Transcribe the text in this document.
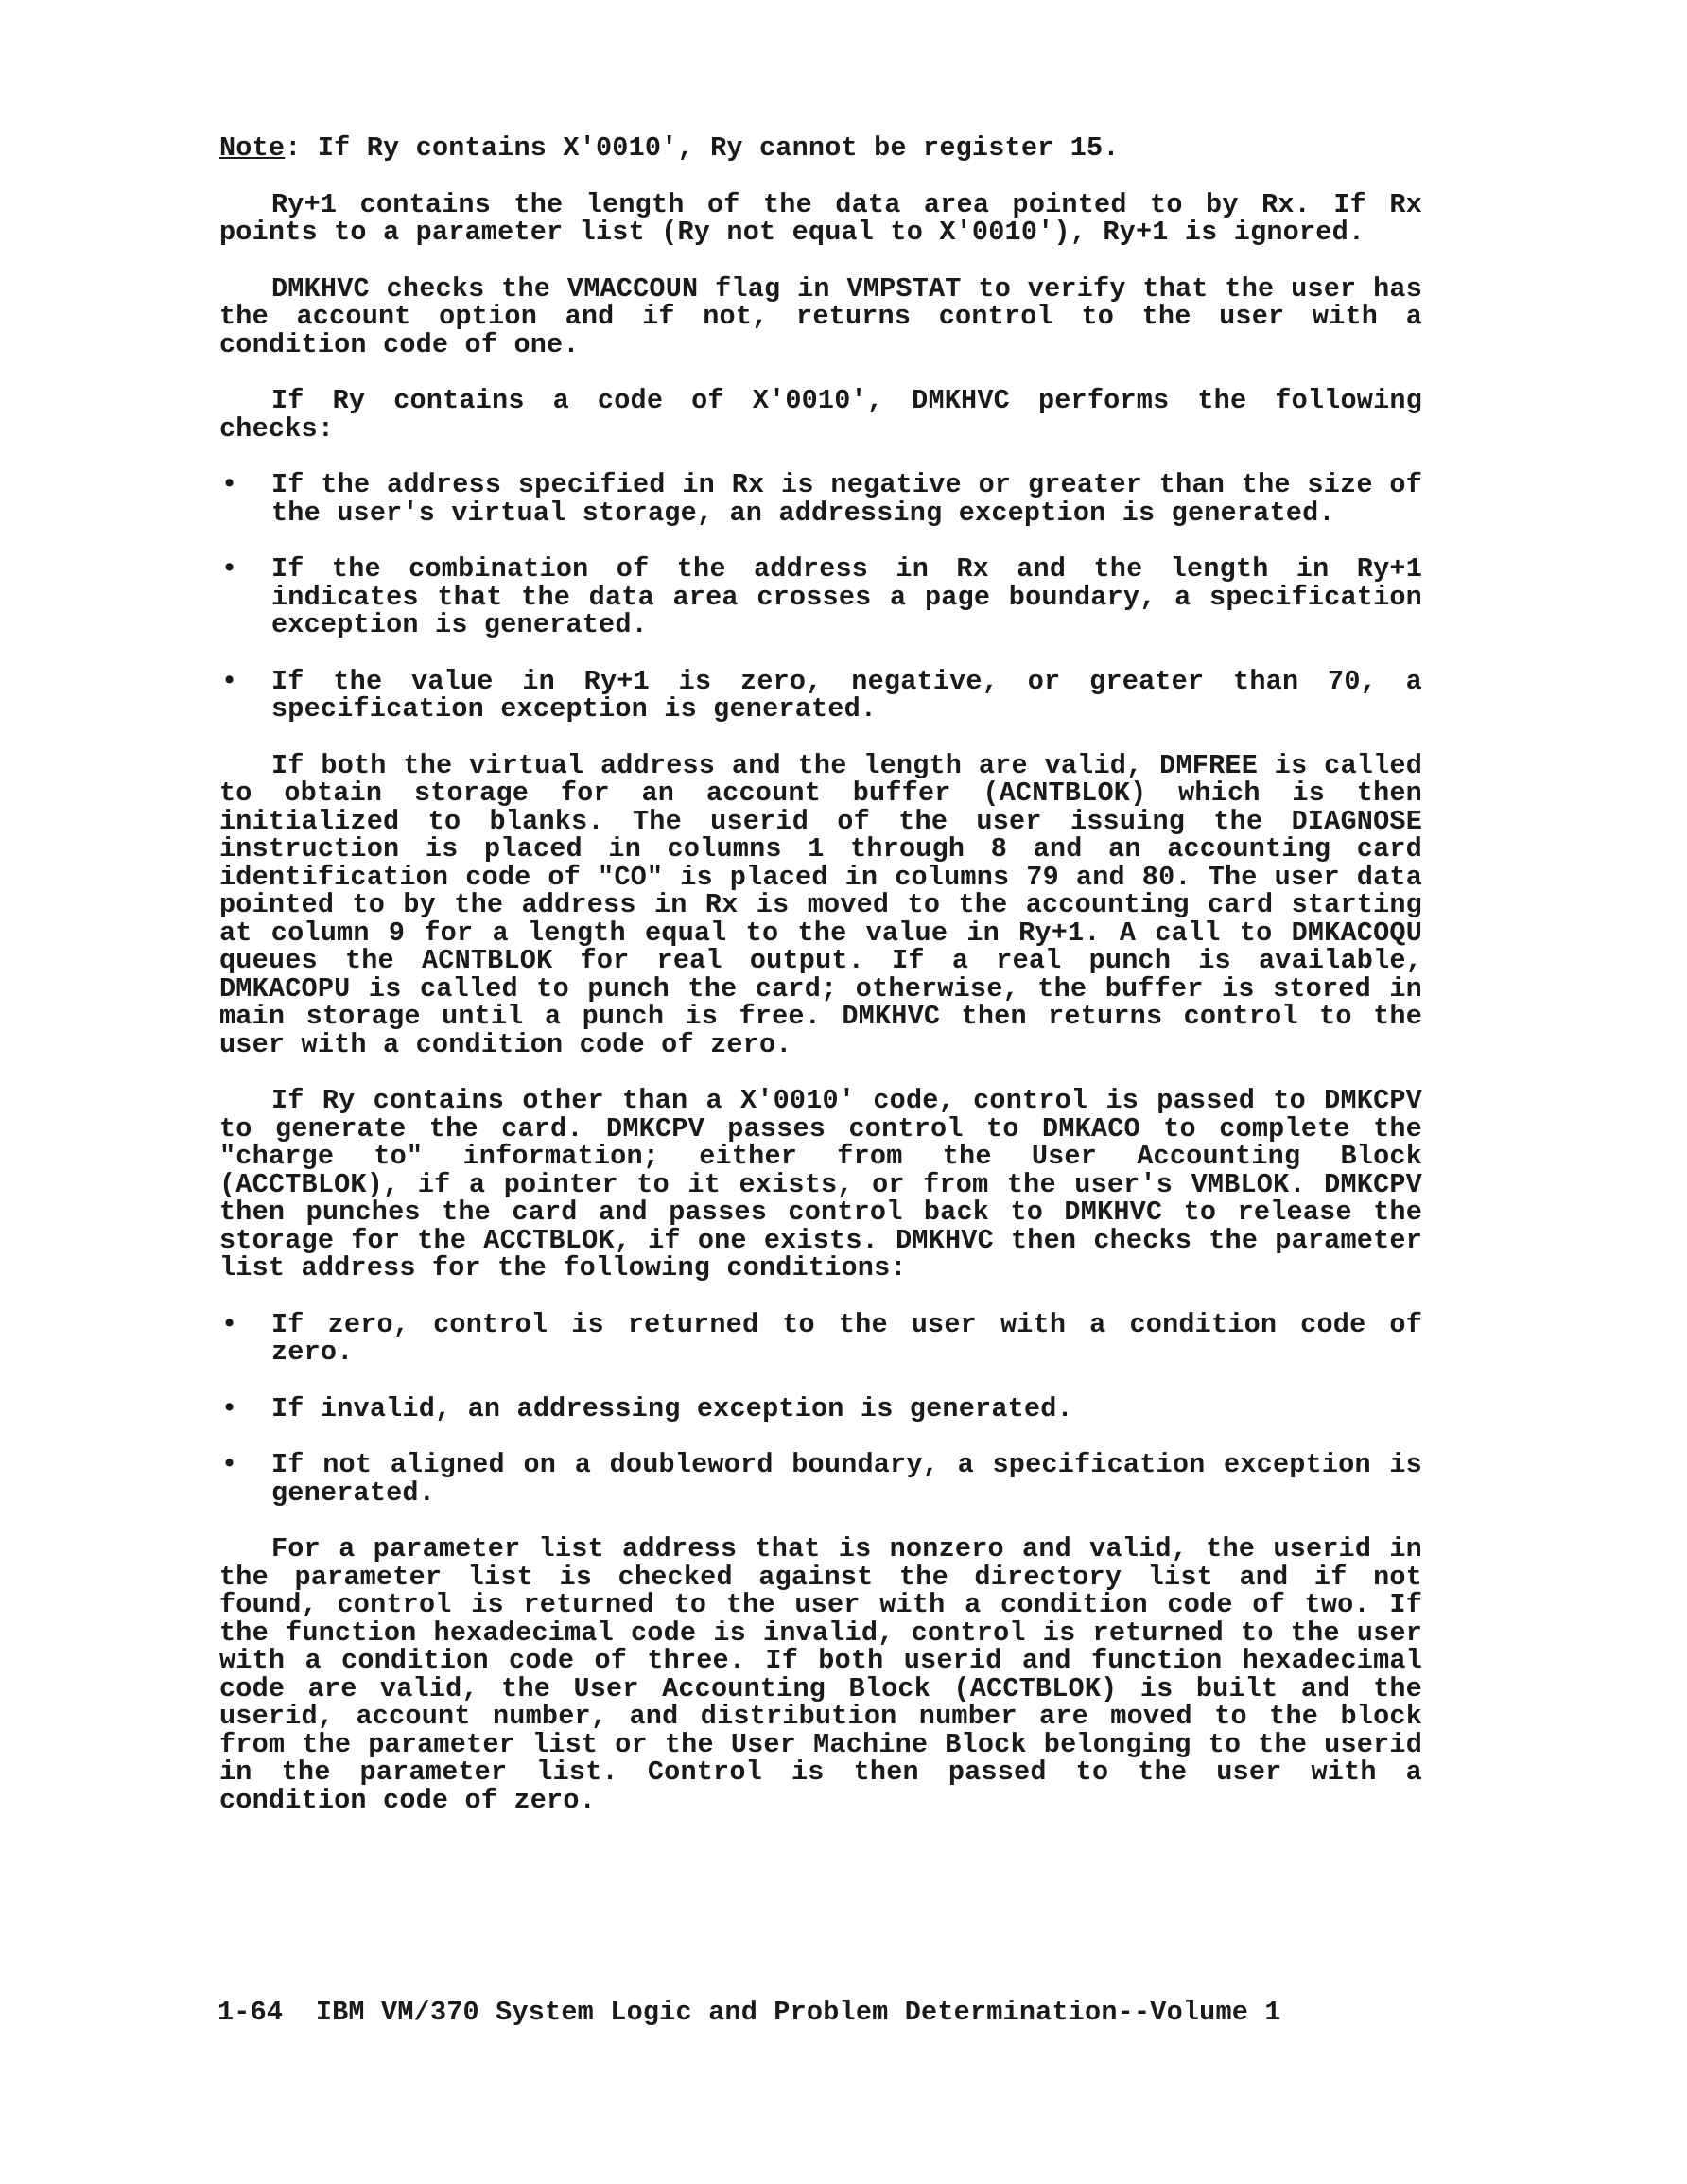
Note: If Ry contains X'0010', Ry cannot be register 15.

Ry+1 contains the length of the data area pointed to by Rx. If Rx points to a parameter list (Ry not equal to X'0010'), Ry+1 is ignored.

DMKHVC checks the VMACCOUN flag in VMPSTAT to verify that the user has the account option and if not, returns control to the user with a condition code of one.

If Ry contains a code of X'0010', DMKHVC performs the following checks:

•	If the address specified in Rx is negative or greater than the size of the user's virtual storage, an addressing exception is generated.
•	If the combination of the address in Rx and the length in Ry+1 indicates that the data area crosses a page boundary, a specification exception is generated.
•	If the value in Ry+1 is zero, negative, or greater than 70, a specification exception is generated.

If both the virtual address and the length are valid, DMFREE is called to obtain storage for an account buffer (ACNTBLOK) which is then initialized to blanks. The userid of the user issuing the DIAGNOSE instruction is placed in columns 1 through 8 and an accounting card identification code of "CO" is placed in columns 79 and 80. The user data pointed to by the address in Rx is moved to the accounting card starting at column 9 for a length equal to the value in Ry+1. A call to DMKACOQU queues the ACNTBLOK for real output. If a real punch is available, DMKACOPU is called to punch the card; otherwise, the buffer is stored in main storage until a punch is free. DMKHVC then returns control to the user with a condition code of zero.

If Ry contains other than a X'0010' code, control is passed to DMKCPV to generate the card. DMKCPV passes control to DMKACO to complete the "charge to" information; either from the User Accounting Block (ACCTBLOK), if a pointer to it exists, or from the user's VMBLOK. DMKCPV then punches the card and passes control back to DMKHVC to release the storage for the ACCTBLOK, if one exists. DMKHVC then checks the parameter list address for the following conditions:

•	If zero, control is returned to the user with a condition code of zero.
•	If invalid, an addressing exception is generated.
•	If not aligned on a doubleword boundary, a specification exception is generated.

For a parameter list address that is nonzero and valid, the userid in the parameter list is checked against the directory list and if not found, control is returned to the user with a condition code of two. If the function hexadecimal code is invalid, control is returned to the user with a condition code of three. If both userid and function hexadecimal code are valid, the User Accounting Block (ACCTBLOK) is built and the userid, account number, and distribution number are moved to the block from the parameter list or the User Machine Block belonging to the userid in the parameter list. Control is then passed to the user with a condition code of zero.

1-64 IBM VM/370 System Logic and Problem Determination--Volume 1
